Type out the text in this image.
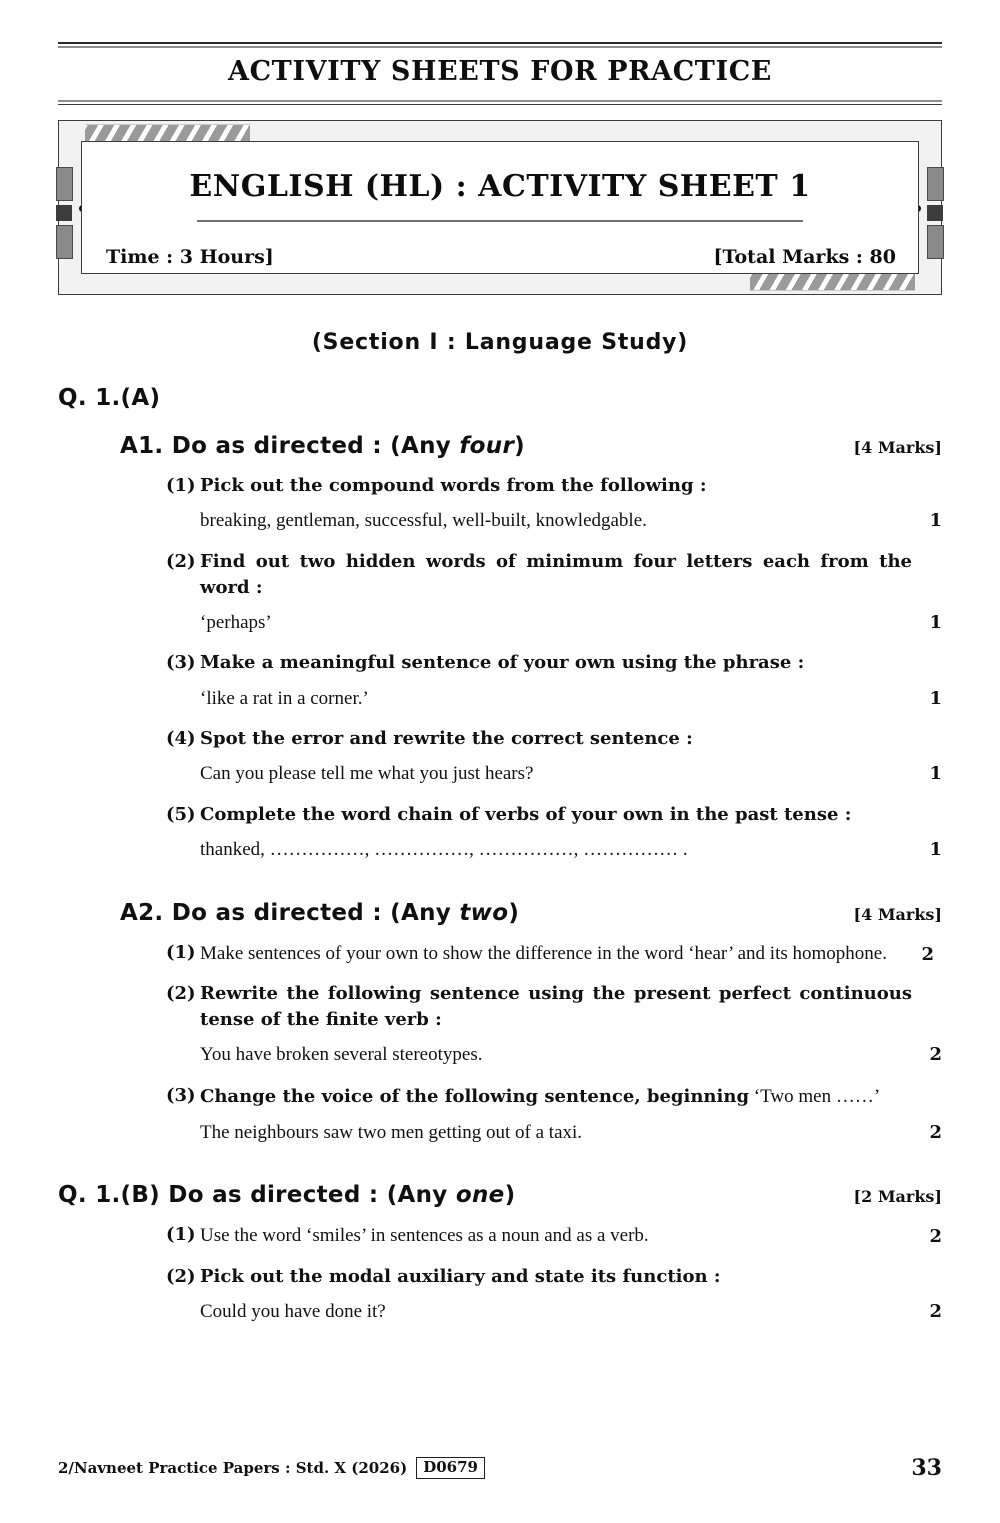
ACTIVITY SHEETS FOR PRACTICE
ENGLISH (HL) : ACTIVITY SHEET 1
Time : 3 Hours]	[Total Marks : 80
(Section I : Language Study)
Q. 1.(A)
A1. Do as directed : (Any four)	[4 Marks]
(1) Pick out the compound words from the following :
breaking, gentleman, successful, well-built, knowledgable.	1
(2) Find out two hidden words of minimum four letters each from the word :
‘perhaps’	1
(3) Make a meaningful sentence of your own using the phrase :
‘like a rat in a corner.’	1
(4) Spot the error and rewrite the correct sentence :
Can you please tell me what you just hears?	1
(5) Complete the word chain of verbs of your own in the past tense :
thanked, ……………, ……………, ……………, …………… .	1
A2. Do as directed : (Any two)	[4 Marks]
(1) Make sentences of your own to show the difference in the word ‘hear’ and its homophone.	2
(2) Rewrite the following sentence using the present perfect continuous tense of the finite verb :
You have broken several stereotypes.	2
(3) Change the voice of the following sentence, beginning ‘Two men ……’
The neighbours saw two men getting out of a taxi.	2
Q. 1.(B) Do as directed : (Any one)	[2 Marks]
(1) Use the word ‘smiles’ in sentences as a noun and as a verb.	2
(2) Pick out the modal auxiliary and state its function :
Could you have done it?	2
2/Navneet Practice Papers : Std. X (2026)	D0679	33
